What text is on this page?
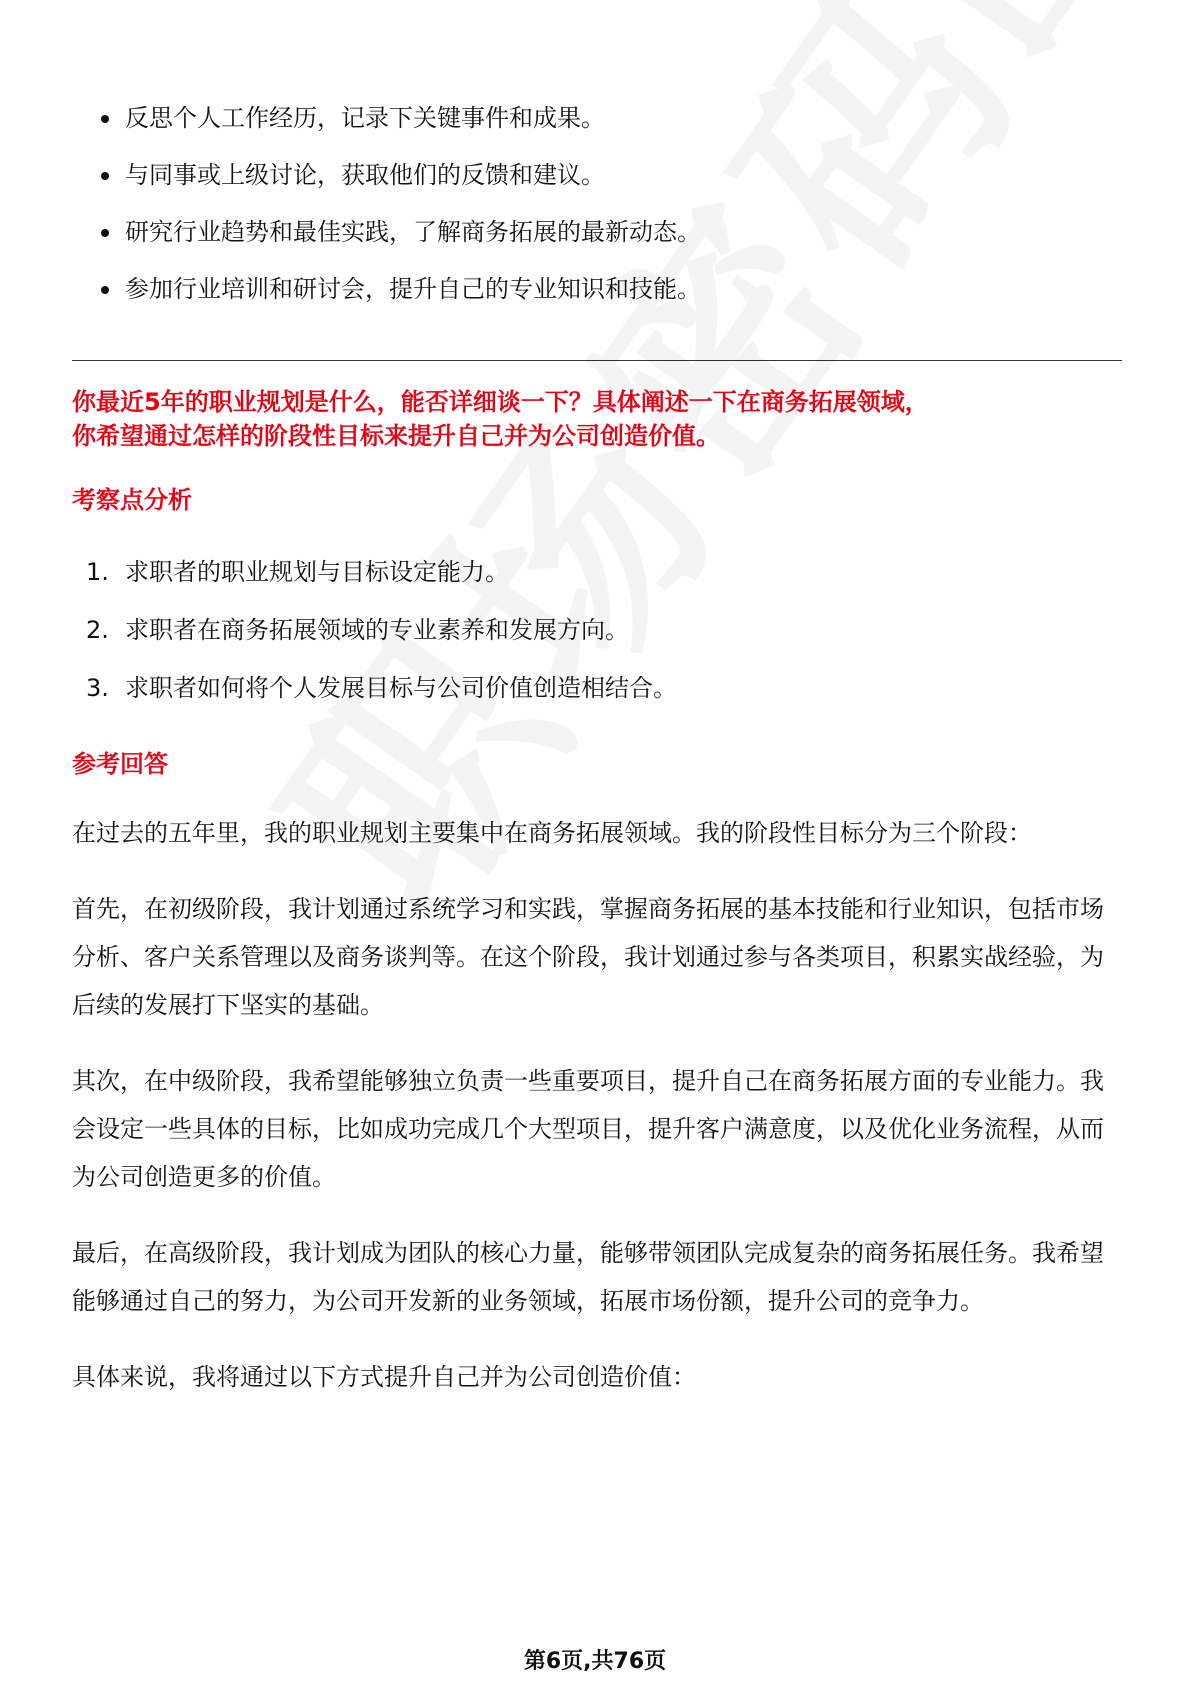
反思个人工作经历，记录下关键事件和成果。
与同事或上级讨论，获取他们的反馈和建议。
研究行业趋势和最佳实践，了解商务拓展的最新动态。
参加行业培训和研讨会，提升自己的专业知识和技能。
你最近5年的职业规划是什么，能否详细谈一下？具体阐述一下在商务拓展领域，
你希望通过怎样的阶段性目标来提升自己并为公司创造价值。
考察点分析
1. 求职者的职业规划与目标设定能力。
2. 求职者在商务拓展领域的专业素养和发展方向。
3. 求职者如何将个人发展目标与公司价值创造相结合。
参考回答

在过去的五年里，我的职业规划主要集中在商务拓展领域。我的阶段性目标分为三个阶段：

首先，在初级阶段，我计划通过系统学习和实践，掌握商务拓展的基本技能和行业知识，包括市场分析、客户关系管理以及商务谈判等。在这个阶段，我计划通过参与各类项目，积累实战经验，为后续的发展打下坚实的基础。

其次，在中级阶段，我希望能够独立负责一些重要项目，提升自己在商务拓展方面的专业能力。我会设定一些具体的目标，比如成功完成几个大型项目，提升客户满意度，以及优化业务流程，从而为公司创造更多的价值。

最后，在高级阶段，我计划成为团队的核心力量，能够带领团队完成复杂的商务拓展任务。我希望能够通过自己的努力，为公司开发新的业务领域，拓展市场份额，提升公司的竞争力。

具体来说，我将通过以下方式提升自己并为公司创造价值：

第6页,共76页
